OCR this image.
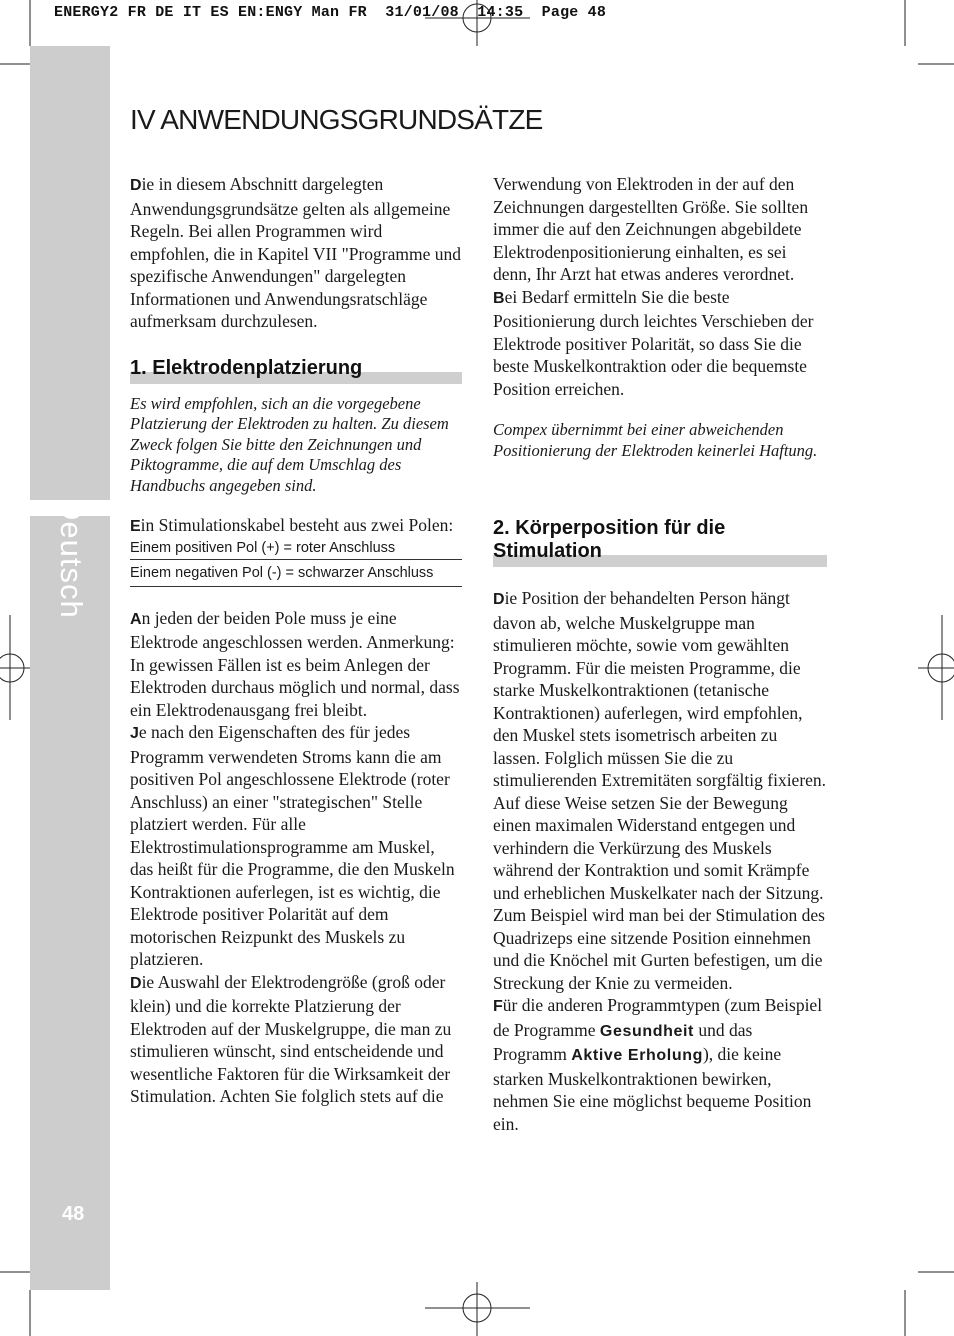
ENERGY2 FR DE IT ES EN:ENGY Man FR  31/01/08  14:35  Page 48
Deutsch
48
IV ANWENDUNGSGRUNDSÄTZE

Die in diesem Abschnitt dargelegten Anwendungsgrundsätze gelten als allgemeine Regeln. Bei allen Programmen wird empfohlen, die in Kapitel VII "Programme und spezifische Anwendungen" dargelegten Informationen und Anwendungsratschläge aufmerksam durchzulesen.

1. Elektrodenplatzierung

Es wird empfohlen, sich an die vorgegebene Platzierung der Elektroden zu halten. Zu diesem Zweck folgen Sie bitte den Zeichnungen und Piktogramme, die auf dem Umschlag des Handbuchs angegeben sind.

Ein Stimulationskabel besteht aus zwei Polen:

Einem positiven Pol (+) = roter Anschluss
Einem negativen Pol (-) = schwarzer Anschluss

An jeden der beiden Pole muss je eine Elektrode angeschlossen werden. Anmerkung: In gewissen Fällen ist es beim Anlegen der Elektroden durchaus möglich und normal, dass ein Elektrodenausgang frei bleibt.

Je nach den Eigenschaften des für jedes Programm verwendeten Stroms kann die am positiven Pol angeschlossene Elektrode (roter Anschluss) an einer "strategischen" Stelle platziert werden. Für alle Elektrostimulationsprogramme am Muskel, das heißt für die Programme, die den Muskeln Kontraktionen auferlegen, ist es wichtig, die Elektrode positiver Polarität auf dem motorischen Reizpunkt des Muskels zu platzieren.

Die Auswahl der Elektrodengröße (groß oder klein) und die korrekte Platzierung der Elektroden auf der Muskelgruppe, die man zu stimulieren wünscht, sind entscheidende und wesentliche Faktoren für die Wirksamkeit der Stimulation. Achten Sie folglich stets auf die

Verwendung von Elektroden in der auf den Zeichnungen dargestellten Größe. Sie sollten immer die auf den Zeichnungen abgebildete Elektrodenpositionierung einhalten, es sei denn, Ihr Arzt hat etwas anderes verordnet.

Bei Bedarf ermitteln Sie die beste Positionierung durch leichtes Verschieben der Elektrode positiver Polarität, so dass Sie die beste Muskelkontraktion oder die bequemste Position erreichen.

Compex übernimmt bei einer abweichenden Positionierung der Elektroden keinerlei Haftung.

2. Körperposition für die Stimulation

Die Position der behandelten Person hängt davon ab, welche Muskelgruppe man stimulieren möchte, sowie vom gewählten Programm. Für die meisten Programme, die starke Muskelkontraktionen (tetanische Kontraktionen) auferlegen, wird empfohlen, den Muskel stets isometrisch arbeiten zu lassen. Folglich müssen Sie die zu stimulierenden Extremitäten sorgfältig fixieren. Auf diese Weise setzen Sie der Bewegung einen maximalen Widerstand entgegen und verhindern die Verkürzung des Muskels während der Kontraktion und somit Krämpfe und erheblichen Muskelkater nach der Sitzung. Zum Beispiel wird man bei der Stimulation des Quadrizeps eine sitzende Position einnehmen und die Knöchel mit Gurten befestigen, um die Streckung der Knie zu vermeiden.

Für die anderen Programmtypen (zum Beispiel de Programme Gesundheit und das Programm Aktive Erholung), die keine starken Muskelkontraktionen bewirken, nehmen Sie eine möglichst bequeme Position ein.
